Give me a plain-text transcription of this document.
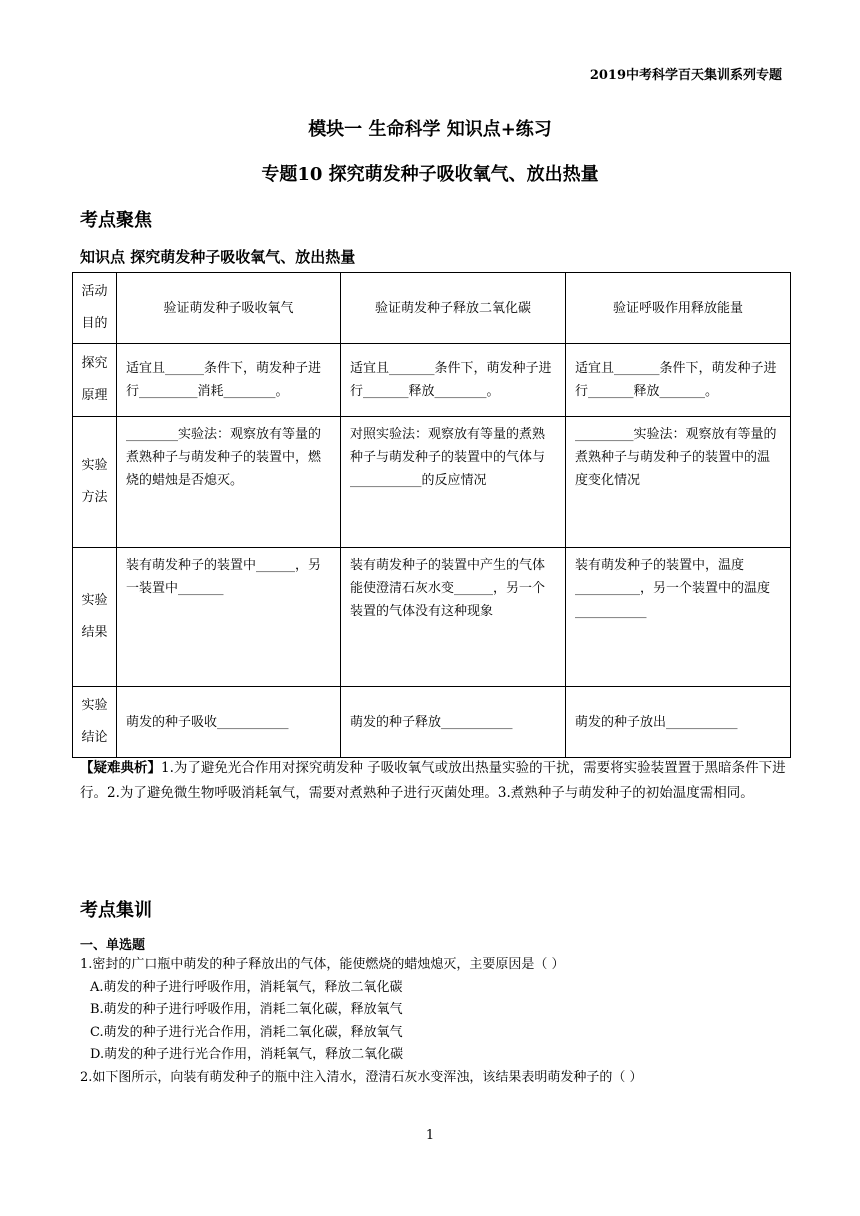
2019中考科学百天集训系列专题
模块一 生命科学 知识点+练习
专题10 探究萌发种子吸收氧气、放出热量
考点聚焦
知识点 探究萌发种子吸收氧气、放出热量
活动
目的	验证萌发种子吸收氧气	验证萌发种子释放二氧化碳	验证呼吸作用释放能量

探究
原理	适宜且______条件下，萌发种子进行_________消耗________。	适宜且_______条件下，萌发种子进行_______释放________。	适宜且_______条件下，萌发种子进行_______释放_______。

实验
方法	________实验法：观察放有等量的煮熟种子与萌发种子的装置中，燃烧的蜡烛是否熄灭。	对照实验法：观察放有等量的煮熟种子与萌发种子的装置中的气体与___________的反应情况	_________实验法：观察放有等量的煮熟种子与萌发种子的装置中的温度变化情况

实验
结果	装有萌发种子的装置中______，另一装置中_______	装有萌发种子的装置中产生的气体能使澄清石灰水变______，另一个装置的气体没有这种现象	装有萌发种子的装置中，温度__________，另一个装置中的温度___________

实验
结论	萌发的种子吸收___________	萌发的种子释放___________	萌发的种子放出___________
【疑难典析】1.为了避免光合作用对探究萌发种 子吸收氧气或放出热量实验的干扰，需要将实验装置置于黑暗条件下进行。2.为了避免微生物呼吸消耗氧气，需要对煮熟种子进行灭菌处理。3.煮熟种子与萌发种子的初始温度需相同。
考点集训
一、单选题
1.密封的广口瓶中萌发的种子释放出的气体，能使燃烧的蜡烛熄灭，主要原因是（ ）
A.萌发的种子进行呼吸作用，消耗氧气，释放二氧化碳
B.萌发的种子进行呼吸作用，消耗二氧化碳，释放氧气
C.萌发的种子进行光合作用，消耗二氧化碳，释放氧气
D.萌发的种子进行光合作用，消耗氧气，释放二氧化碳
2.如下图所示，向装有萌发种子的瓶中注入清水，澄清石灰水变浑浊，该结果表明萌发种子的（ ）
1
